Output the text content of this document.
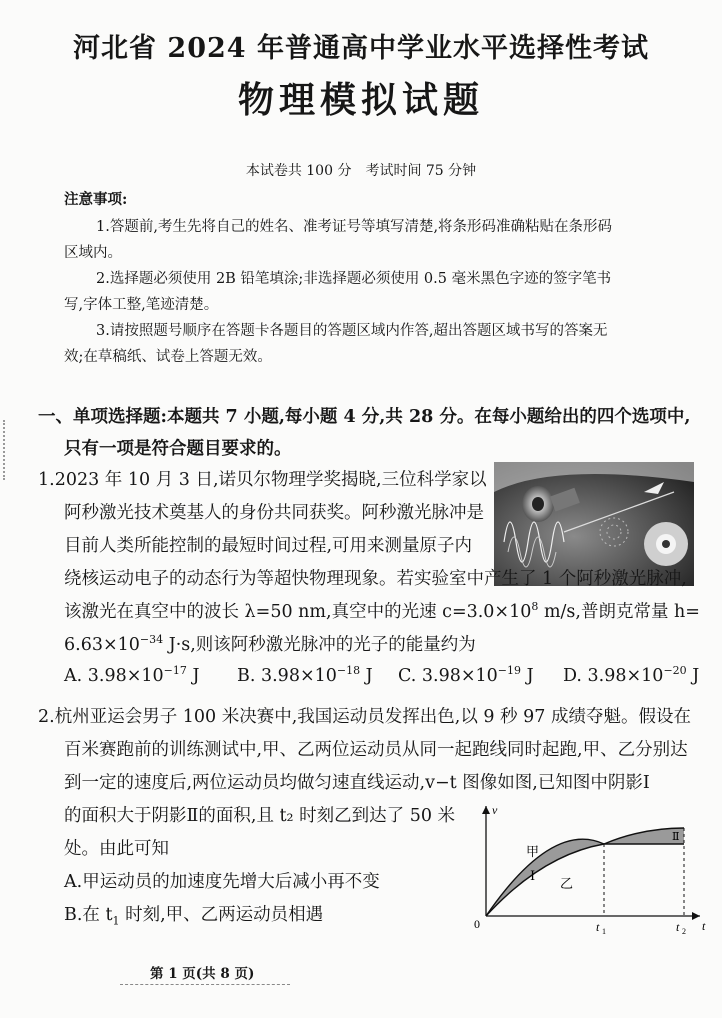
河北省 2024 年普通高中学业水平选择性考试
物理模拟试题
本试卷共 100 分　考试时间 75 分钟
注意事项:
1.答题前,考生先将自己的姓名、准考证号等填写清楚,将条形码准确粘贴在条形码
区域内。
2.选择题必须使用 2B 铅笔填涂;非选择题必须使用 0.5 毫米黑色字迹的签字笔书
写,字体工整,笔迹清楚。
3.请按照题号顺序在答题卡各题目的答题区域内作答,超出答题区域书写的答案无
效;在草稿纸、试卷上答题无效。
一、单项选择题:本题共 7 小题,每小题 4 分,共 28 分。在每小题给出的四个选项中,
只有一项是符合题目要求的。
1.2023 年 10 月 3 日,诺贝尔物理学奖揭晓,三位科学家以
阿秒激光技术奠基人的身份共同获奖。阿秒激光脉冲是
目前人类所能控制的最短时间过程,可用来测量原子内
绕核运动电子的动态行为等超快物理现象。若实验室中产生了 1 个阿秒激光脉冲,
该激光在真空中的波长 λ=50 nm,真空中的光速 $c=3.0\times 10^8$ m/s,普朗克常量 h=
$6.63\times 10^{-34}$ J·s,则该阿秒激光脉冲的光子的能量约为
A. $3.98\times 10^{-17}$ J B. $3.98\times 10^{-18}$ J C. $3.98\times 10^{-19}$ J D. $3.98\times 10^{-20}$ J
2.杭州亚运会男子 100 米决赛中,我国运动员发挥出色,以 9 秒 97 成绩夺魁。假设在
百米赛跑前的训练测试中,甲、乙两位运动员从同一起跑线同时起跑,甲、乙分别达
到一定的速度后,两位运动员均做匀速直线运动,v−t 图像如图,已知图中阴影Ⅰ
的面积大于阴影Ⅱ的面积,且 t₂ 时刻乙到达了 50 米
处。由此可知
A.甲运动员的加速度先增大后减小再不变
B.在 $t_1$ 时刻,甲、乙两运动员相遇
v
t
0
甲
乙
Ⅰ
Ⅱ
t 1	t 2
第 1 页(共 8 页)
